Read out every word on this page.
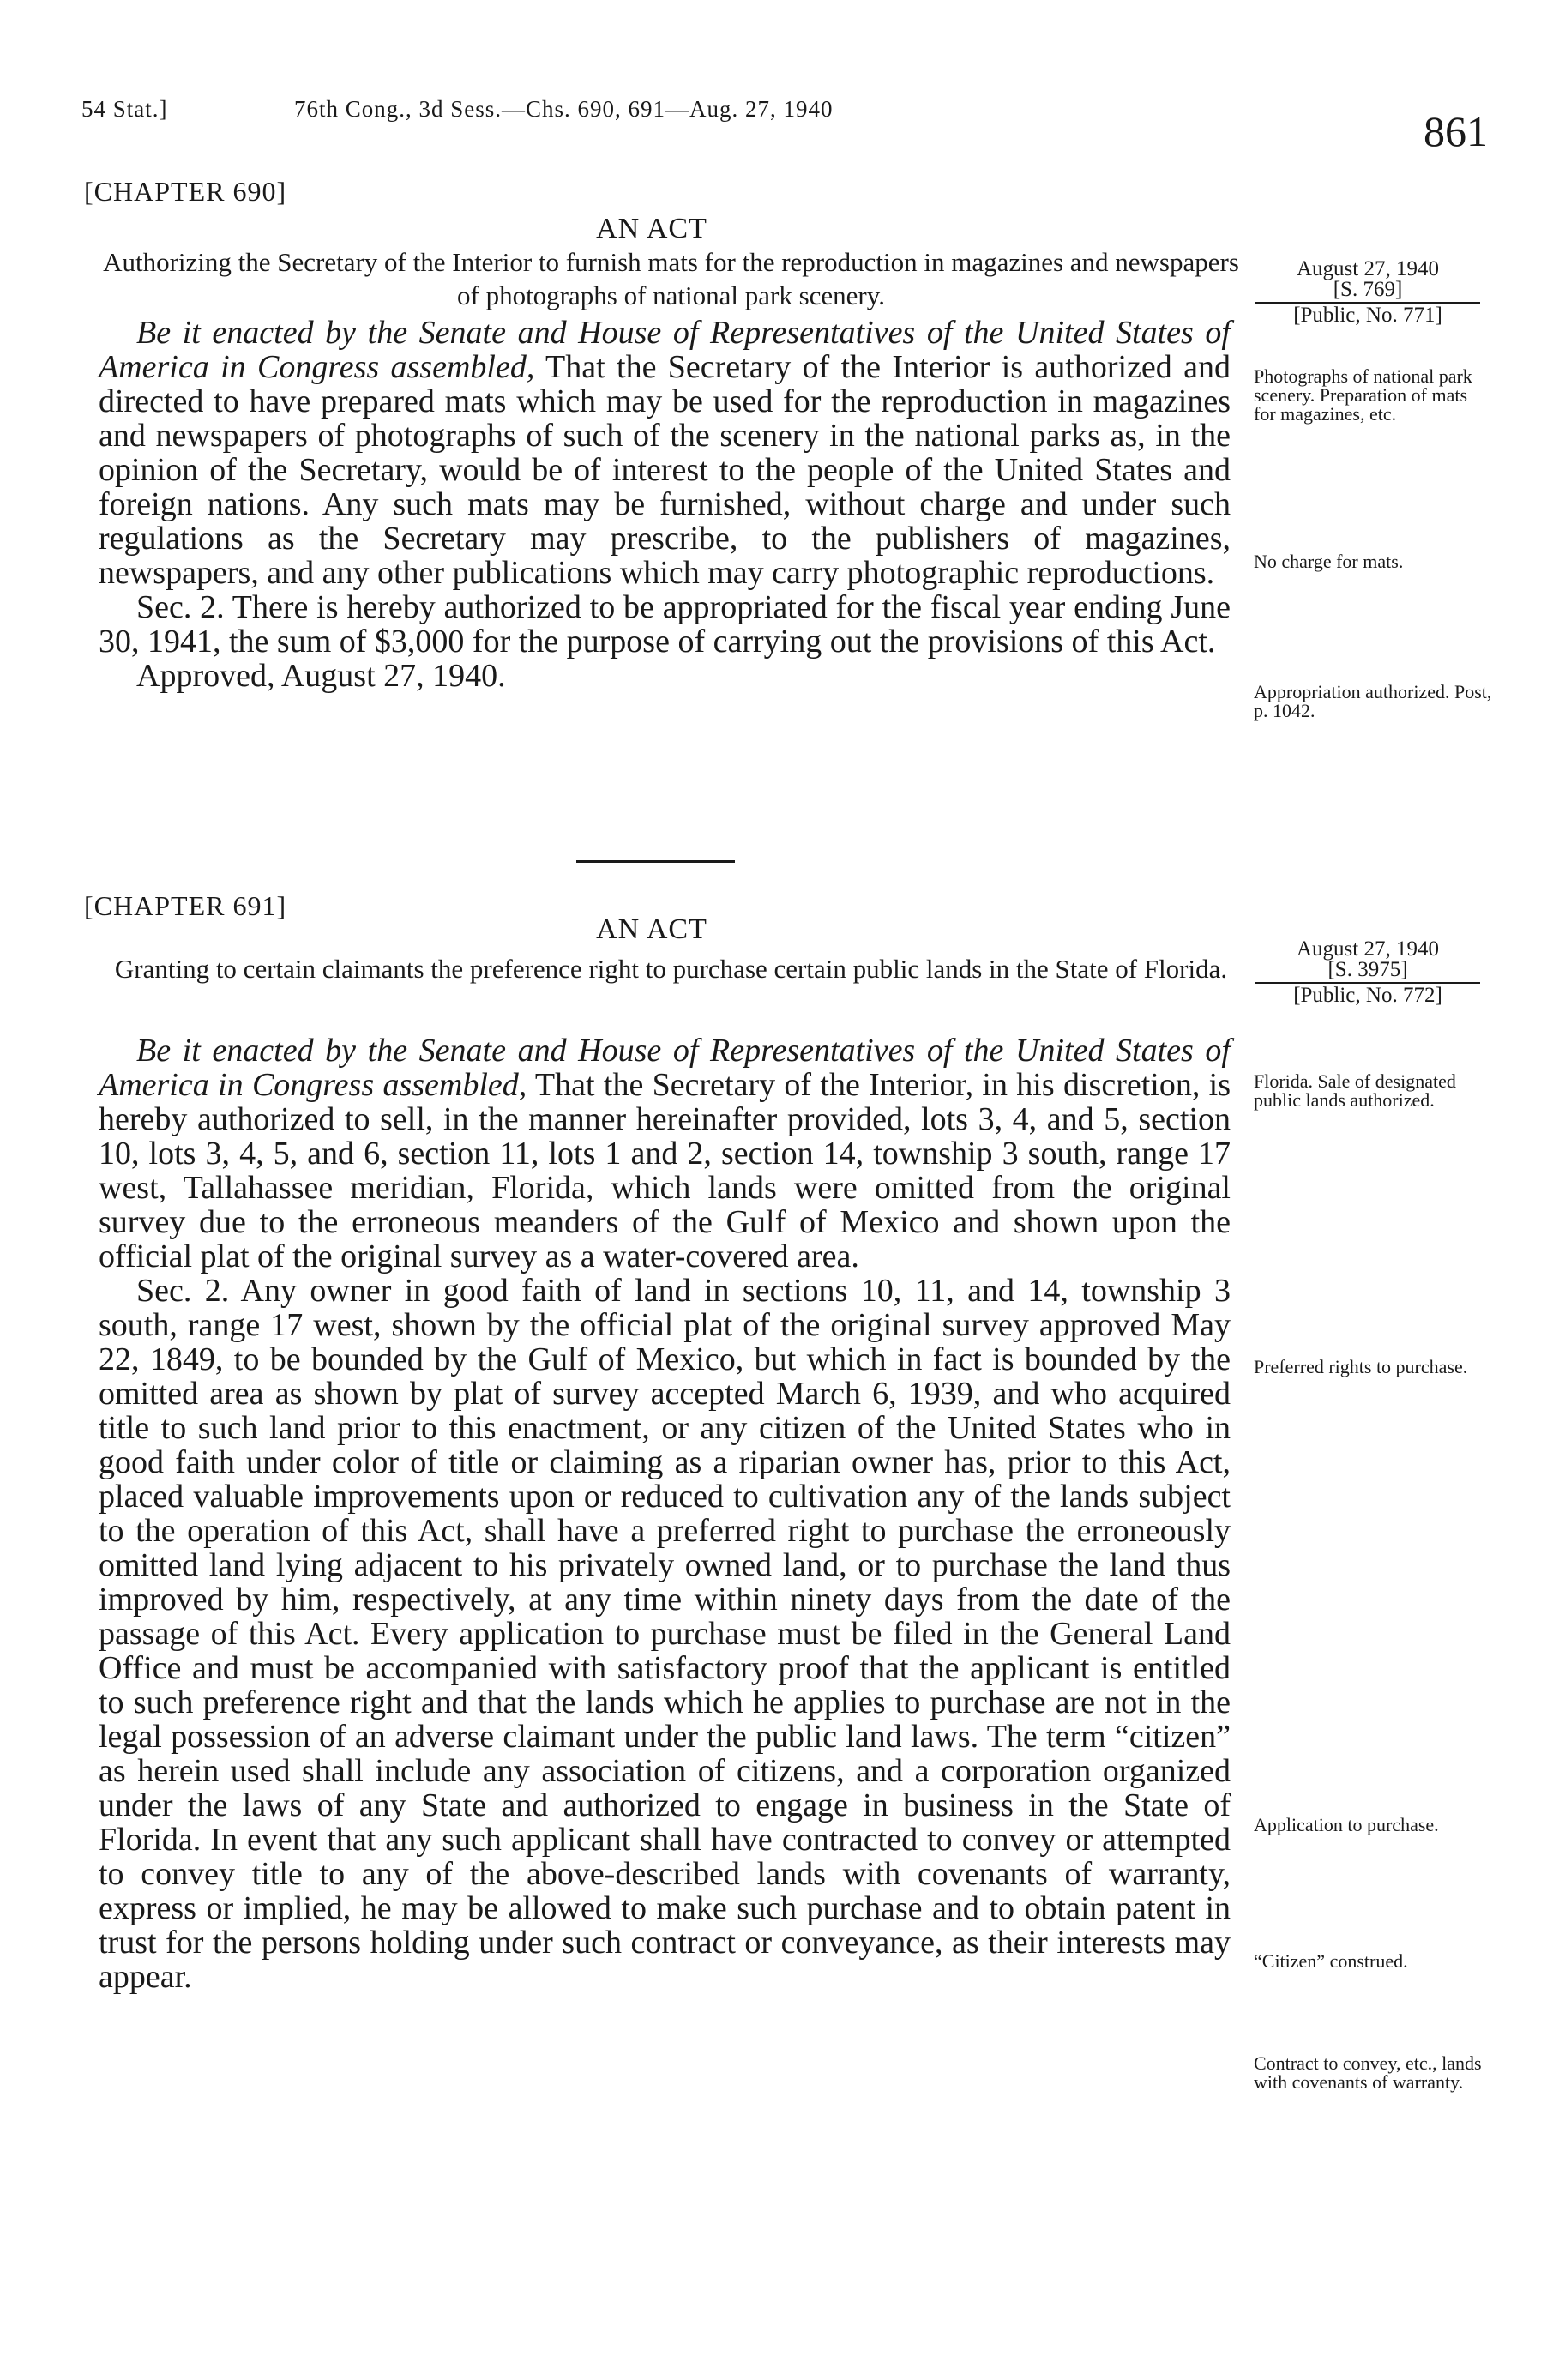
54 Stat.]	76th Cong., 3d Sess.—Chs. 690, 691—Aug. 27, 1940	861
[CHAPTER 690]
AN ACT
Authorizing the Secretary of the Interior to furnish mats for the reproduction in magazines and newspapers of photographs of national park scenery.
August 27, 1940
[S. 769]
[Public, No. 771]

Be it enacted by the Senate and House of Representatives of the United States of America in Congress assembled, That the Secretary of the Interior is authorized and directed to have prepared mats which may be used for the reproduction in magazines and newspapers of photographs of such of the scenery in the national parks as, in the opinion of the Secretary, would be of interest to the people of the United States and foreign nations. Any such mats may be furnished, without charge and under such regulations as the Secretary may prescribe, to the publishers of magazines, newspapers, and any other publications which may carry photographic reproductions.

Sec. 2. There is hereby authorized to be appropriated for the fiscal year ending June 30, 1941, the sum of $3,000 for the purpose of carrying out the provisions of this Act.

Approved, August 27, 1940.

Photographs of national park scenery. Preparation of mats for magazines, etc.
No charge for mats.
Appropriation authorized. Post, p. 1042.
[CHAPTER 691]
AN ACT
Granting to certain claimants the preference right to purchase certain public lands in the State of Florida.
August 27, 1940
[S. 3975]
[Public, No. 772]

Be it enacted by the Senate and House of Representatives of the United States of America in Congress assembled, That the Secretary of the Interior, in his discretion, is hereby authorized to sell, in the manner hereinafter provided, lots 3, 4, and 5, section 10, lots 3, 4, 5, and 6, section 11, lots 1 and 2, section 14, township 3 south, range 17 west, Tallahassee meridian, Florida, which lands were omitted from the original survey due to the erroneous meanders of the Gulf of Mexico and shown upon the official plat of the original survey as a water-covered area.

Sec. 2. Any owner in good faith of land in sections 10, 11, and 14, township 3 south, range 17 west, shown by the official plat of the original survey approved May 22, 1849, to be bounded by the Gulf of Mexico, but which in fact is bounded by the omitted area as shown by plat of survey accepted March 6, 1939, and who acquired title to such land prior to this enactment, or any citizen of the United States who in good faith under color of title or claiming as a riparian owner has, prior to this Act, placed valuable improvements upon or reduced to cultivation any of the lands subject to the operation of this Act, shall have a preferred right to purchase the erroneously omitted land lying adjacent to his privately owned land, or to purchase the land thus improved by him, respectively, at any time within ninety days from the date of the passage of this Act. Every application to purchase must be filed in the General Land Office and must be accompanied with satisfactory proof that the applicant is entitled to such preference right and that the lands which he applies to purchase are not in the legal possession of an adverse claimant under the public land laws. The term “citizen” as herein used shall include any association of citizens, and a corporation organized under the laws of any State and authorized to engage in business in the State of Florida. In event that any such applicant shall have contracted to convey or attempted to convey title to any of the above-described lands with covenants of warranty, express or implied, he may be allowed to make such purchase and to obtain patent in trust for the persons holding under such contract or conveyance, as their interests may appear.

Florida. Sale of designated public lands authorized.
Preferred rights to purchase.
Application to purchase.
“Citizen” construed.
Contract to convey, etc., lands with covenants of warranty.
